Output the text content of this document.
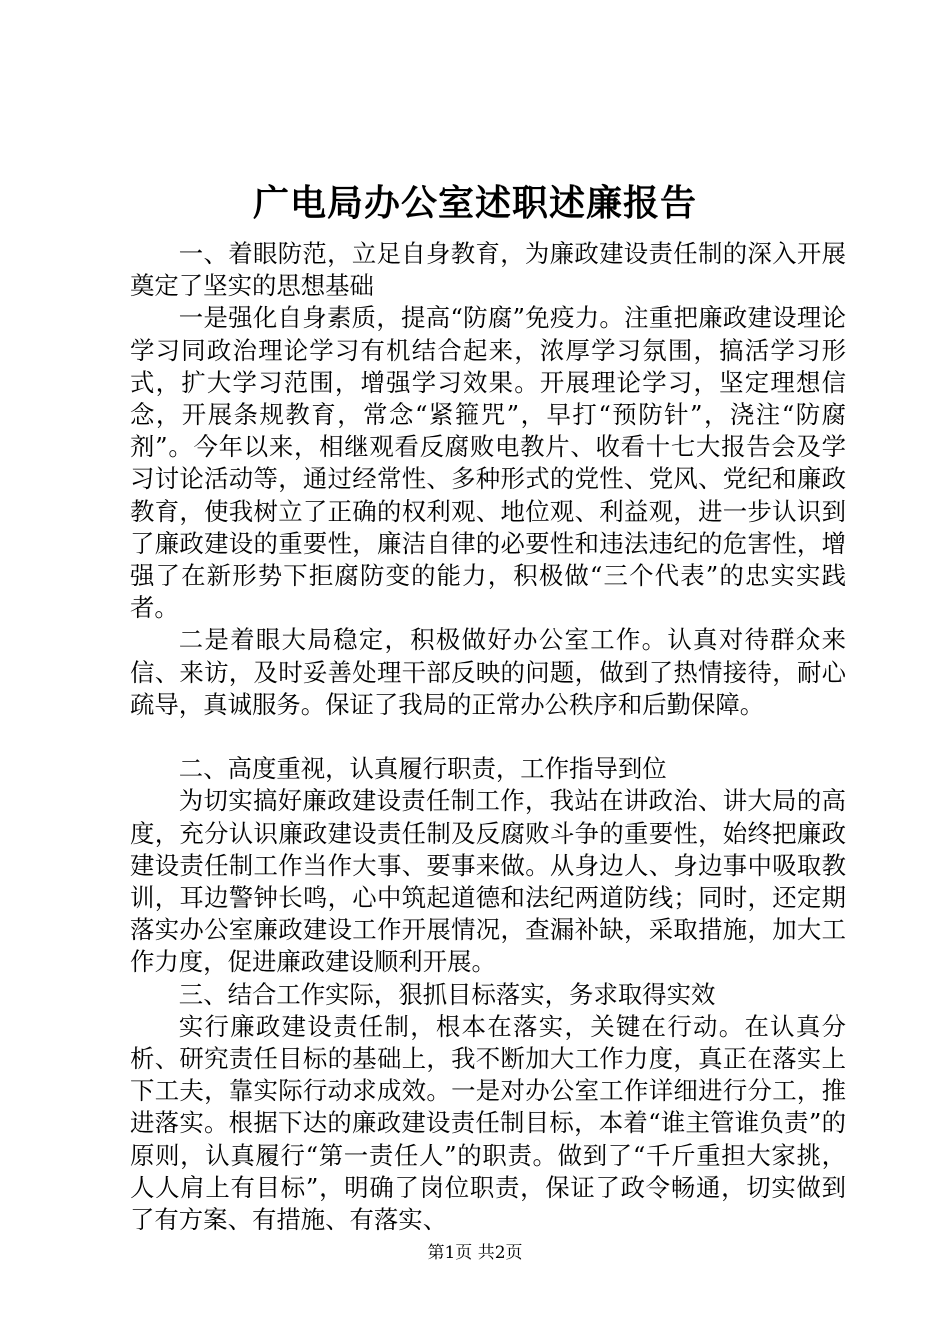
广电局办公室述职述廉报告

一、着眼防范，立足自身教育，为廉政建设责任制的深入开展奠定了坚实的思想基础

一是强化自身素质，提高“防腐”免疫力。注重把廉政建设理论学习同政治理论学习有机结合起来，浓厚学习氛围，搞活学习形式，扩大学习范围，增强学习效果。开展理论学习，坚定理想信念，开展条规教育，常念“紧箍咒”，早打“预防针”，浇注“防腐剂”。今年以来，相继观看反腐败电教片、收看十七大报告会及学习讨论活动等，通过经常性、多种形式的党性、党风、党纪和廉政教育，使我树立了正确的权利观、地位观、利益观，进一步认识到了廉政建设的重要性，廉洁自律的必要性和违法违纪的危害性，增强了在新形势下拒腐防变的能力，积极做“三个代表”的忠实实践者。

二是着眼大局稳定，积极做好办公室工作。认真对待群众来信、来访，及时妥善处理干部反映的问题，做到了热情接待，耐心疏导，真诚服务。保证了我局的正常办公秩序和后勤保障。

二、高度重视，认真履行职责，工作指导到位

为切实搞好廉政建设责任制工作，我站在讲政治、讲大局的高度，充分认识廉政建设责任制及反腐败斗争的重要性，始终把廉政建设责任制工作当作大事、要事来做。从身边人、身边事中吸取教训，耳边警钟长鸣，心中筑起道德和法纪两道防线；同时，还定期落实办公室廉政建设工作开展情况，查漏补缺，采取措施，加大工作力度，促进廉政建设顺利开展。

三、结合工作实际，狠抓目标落实，务求取得实效

实行廉政建设责任制，根本在落实，关键在行动。在认真分析、研究责任目标的基础上，我不断加大工作力度，真正在落实上下工夫，靠实际行动求成效。一是对办公室工作详细进行分工，推进落实。根据下达的廉政建设责任制目标，本着“谁主管谁负责”的原则，认真履行“第一责任人”的职责。做到了“千斤重担大家挑，人人肩上有目标”，明确了岗位职责，保证了政令畅通，切实做到了有方案、有措施、有落实、

第1页 共2页
